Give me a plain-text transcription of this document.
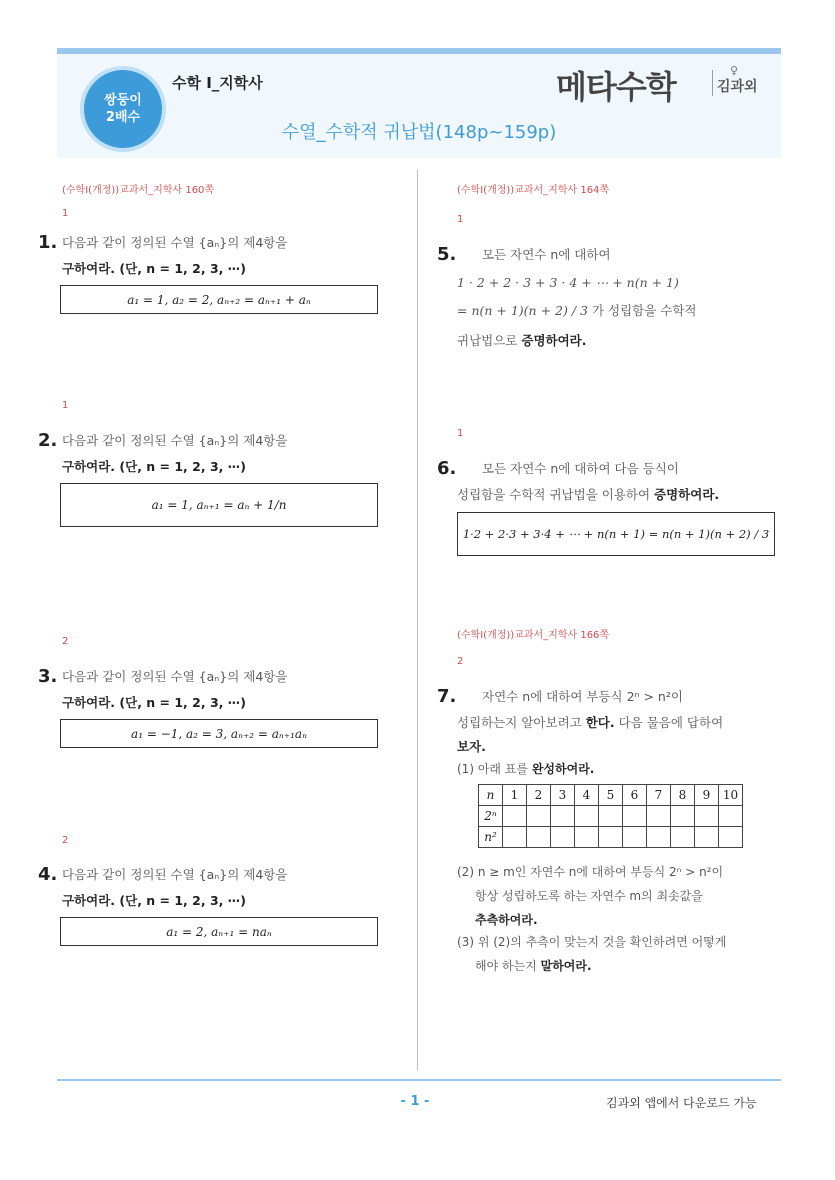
쌍둥이
2배수
수학 Ⅰ_지학사	메타수학	♀
김과외
수열_수학적 귀납법(148p~159p)
(수학I(개정))교과서_지학사 160쪽
1
1. 다음과 같이 정의된 수열 {aₙ}의 제4항을
구하여라. (단, n = 1, 2, 3, ⋯)
a₁ = 1, a₂ = 2, aₙ₊₂ = aₙ₊₁ + aₙ
1
2. 다음과 같이 정의된 수열 {aₙ}의 제4항을
구하여라. (단, n = 1, 2, 3, ⋯)
a₁ = 1, aₙ₊₁ = aₙ + 1/n
2
3. 다음과 같이 정의된 수열 {aₙ}의 제4항을
구하여라. (단, n = 1, 2, 3, ⋯)
a₁ = −1, a₂ = 3, aₙ₊₂ = aₙ₊₁aₙ
2
4. 다음과 같이 정의된 수열 {aₙ}의 제4항을
구하여라. (단, n = 1, 2, 3, ⋯)
a₁ = 2, aₙ₊₁ = naₙ
(수학I(개정))교과서_지학사 164쪽
1
5. 모든 자연수 n에 대하여
1 · 2 + 2 · 3 + 3 · 4 + ⋯ + n(n + 1)
= n(n + 1)(n + 2) / 3 가 성립함을 수학적
귀납법으로 증명하여라.
1
6. 모든 자연수 n에 대하여 다음 등식이
성립함을 수학적 귀납법을 이용하여 증명하여라.
1·2 + 2·3 + 3·4 + ⋯ + n(n + 1) = n(n + 1)(n + 2) / 3
(수학I(개정))교과서_지학사 166쪽
2
7. 자연수 n에 대하여 부등식 2ⁿ > n²이
성립하는지 알아보려고 한다. 다음 물음에 답하여
보자.
(1) 아래 표를 완성하여라.
n	1	2	3	4	5	6	7	8	9	10
2ⁿ										
n²										
(2) n ≥ m인 자연수 n에 대하여 부등식 2ⁿ > n²이
항상 성립하도록 하는 자연수 m의 최솟값을
추측하여라.
(3) 위 (2)의 추측이 맞는지 것을 확인하려면 어떻게
해야 하는지 말하여라.
- 1 -	김과외 앱에서 다운로드 가능
